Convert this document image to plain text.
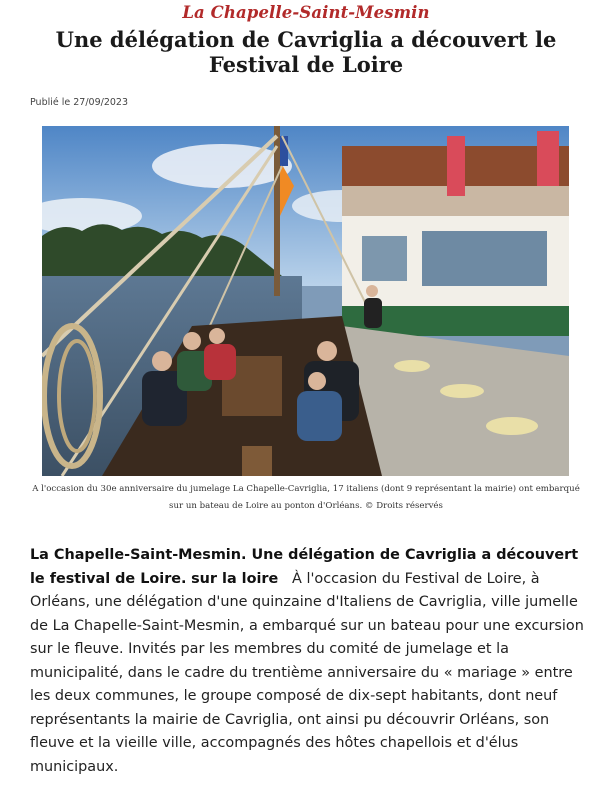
La Chapelle-Saint-Mesmin
Une délégation de Cavriglia a découvert le Festival de Loire
Publié le 27/09/2023
A l'occasion du 30e anniversaire du jumelage La Chapelle-Cavriglia, 17 italiens (dont 9 représentant la mairie) ont embarqué sur un bateau de Loire au ponton d'Orléans. © Droits réservés

La Chapelle-Saint-Mesmin. Une délégation de Cavriglia a découvert le festival de Loire. sur la loire À l'occasion du Festival de Loire, à Orléans, une délégation d'une quinzaine d'Italiens de Cavriglia, ville jumelle de La Chapelle-Saint-Mesmin, a embarqué sur un bateau pour une excursion sur le fleuve. Invités par les membres du comité de jumelage et la municipalité, dans le cadre du trentième anniversaire du « mariage » entre les deux communes, le groupe composé de dix-sept habitants, dont neuf représentants la mairie de Cavriglia, ont ainsi pu découvrir Orléans, son fleuve et la vieille ville, accompagnés des hôtes chapellois et d'élus municipaux.
